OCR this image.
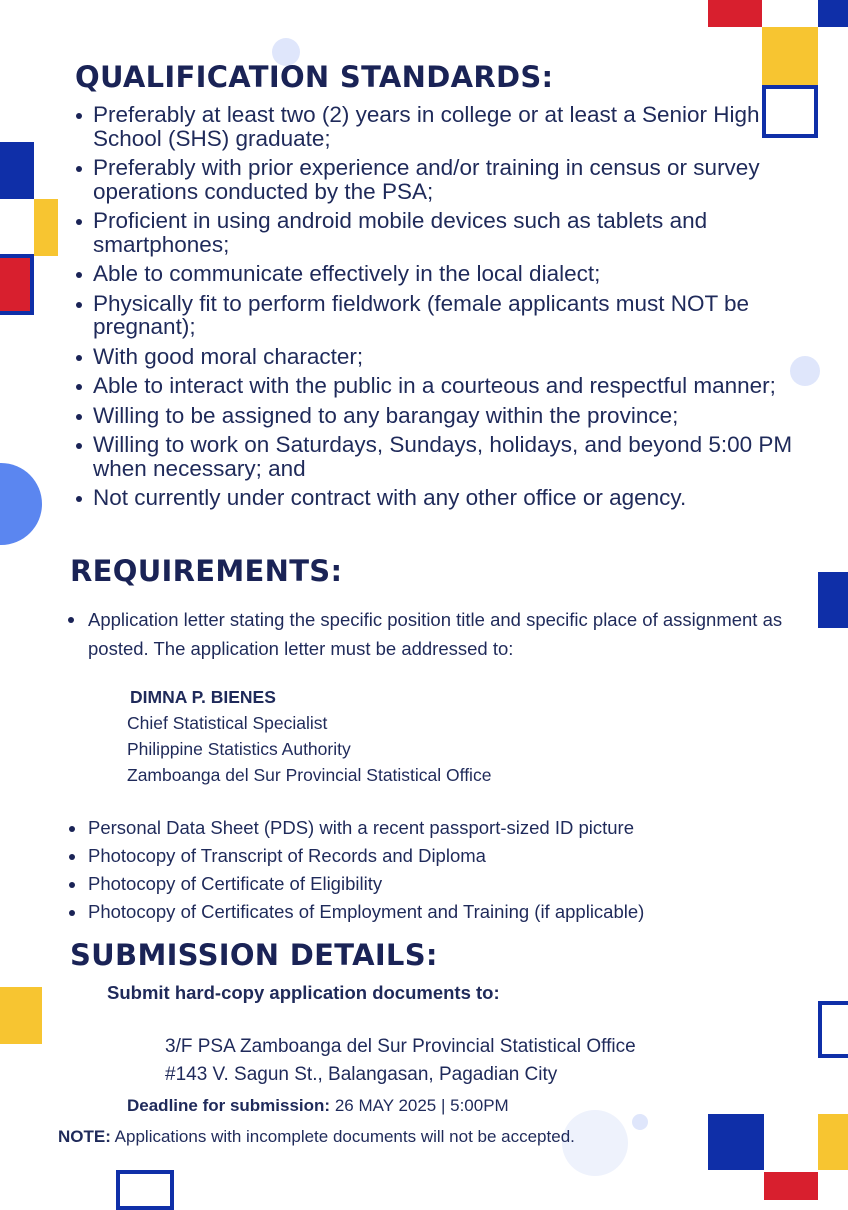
QUALIFICATION STANDARDS:
Preferably at least two (2) years in college or at least a Senior High School (SHS) graduate;
Preferably with prior experience and/or training in census or survey operations conducted by the PSA;
Proficient in using android mobile devices such as tablets and smartphones;
Able to communicate effectively in the local dialect;
Physically fit to perform fieldwork (female applicants must NOT be pregnant);
With good moral character;
Able to interact with the public in a courteous and respectful manner;
Willing to be assigned to any barangay within the province;
Willing to work on Saturdays, Sundays, holidays, and beyond 5:00 PM when necessary; and
Not currently under contract with any other office or agency.
REQUIREMENTS:
Application letter stating the specific position title and specific place of assignment as posted. The application letter must be addressed to:
DIMNA P. BIENES
Chief Statistical Specialist
Philippine Statistics Authority
Zamboanga del Sur Provincial Statistical Office
Personal Data Sheet (PDS) with a recent passport-sized ID picture
Photocopy of Transcript of Records and Diploma
Photocopy of Certificate of Eligibility
Photocopy of Certificates of Employment and Training (if applicable)
SUBMISSION DETAILS:
Submit hard-copy application documents to:
3/F PSA Zamboanga del Sur Provincial Statistical Office
#143 V. Sagun St., Balangasan, Pagadian City
Deadline for submission: 26 MAY 2025 | 5:00PM
NOTE: Applications with incomplete documents will not be accepted.
